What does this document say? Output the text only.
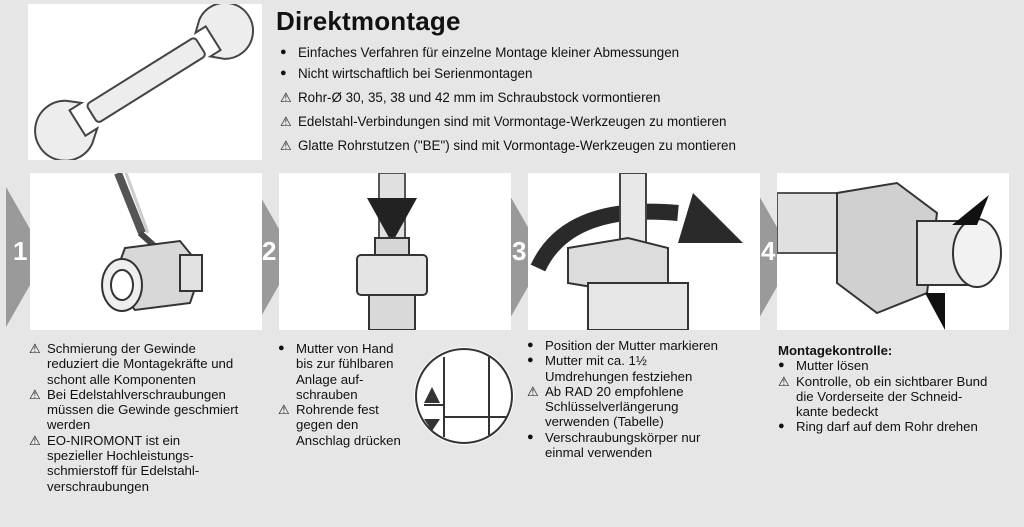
Direktmontage
● Einfaches Verfahren für einzelne Montage kleiner Abmessungen
● Nicht wirtschaftlich bei Serienmontagen
⚠ Rohr-Ø 30, 35, 38 und 42 mm im Schraubstock vormontieren
⚠ Edelstahl-Verbindungen sind mit Vormontage-Werkzeugen zu montieren
⚠ Glatte Rohrstutzen ("BE") sind mit Vormontage-Werkzeugen zu montieren
1	2	3	4
⚠ Schmierung der Gewinde
reduziert die Montagekräfte und
schont alle Komponenten
⚠ Bei Edelstahlverschraubungen
müssen die Gewinde geschmiert
werden
⚠ EO-NIROMONT ist ein
spezieller Hochleistungs-
schmierstoff für Edelstahl-
verschraubungen
● Mutter von Hand
bis zur fühlbaren
Anlage auf-
schrauben
⚠ Rohrende fest
gegen den
Anschlag drücken
● Position der Mutter markieren
● Mutter mit ca. 1½
Umdrehungen festziehen
⚠ Ab RAD 20 empfohlene
Schlüsselverlängerung
verwenden (Tabelle)
● Verschraubungskörper nur
einmal verwenden
Montagekontrolle:
● Mutter lösen
⚠ Kontrolle, ob ein sichtbarer Bund
die Vorderseite der Schneid-
kante bedeckt
● Ring darf auf dem Rohr drehen
